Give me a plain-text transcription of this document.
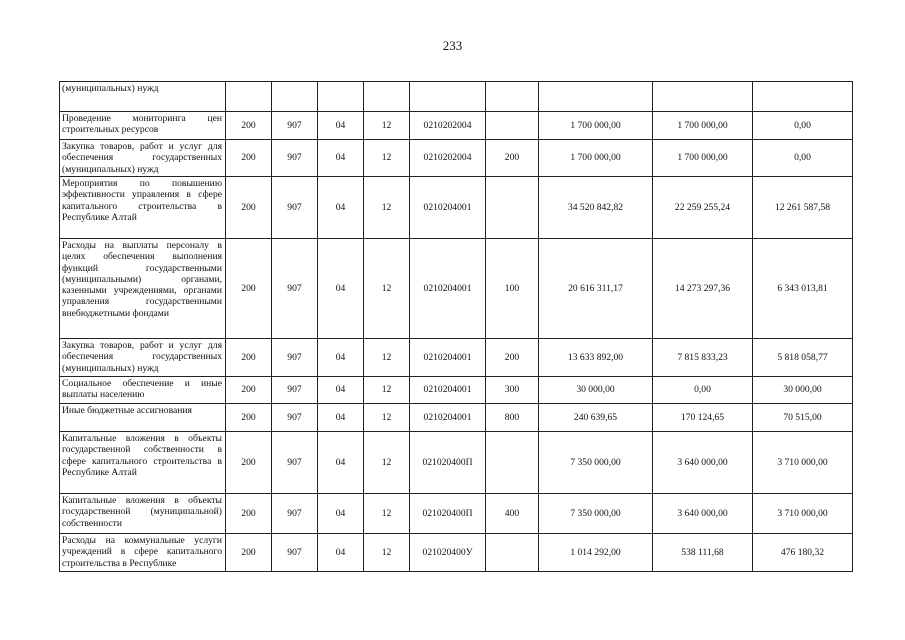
233
(муниципальных) нужд									
Проведение мониторинга цен строительных ресурсов	200	907	04	12	0210202004		1 700 000,00	1 700 000,00	0,00
Закупка товаров, работ и услуг для обеспечения государственных (муниципальных) нужд	200	907	04	12	0210202004	200	1 700 000,00	1 700 000,00	0,00
Мероприятия по повышению эффективности управления в сфере капитального строительства в Республике Алтай	200	907	04	12	0210204001		34 520 842,82	22 259 255,24	12 261 587,58
Расходы на выплаты персоналу в целях обеспечения выполнения функций государственными (муниципальными) органами, казенными учреждениями, органами управления государственными внебюджетными фондами	200	907	04	12	0210204001	100	20 616 311,17	14 273 297,36	6 343 013,81
Закупка товаров, работ и услуг для обеспечения государственных (муниципальных) нужд	200	907	04	12	0210204001	200	13 633 892,00	7 815 833,23	5 818 058,77
Социальное обеспечение и иные выплаты населению	200	907	04	12	0210204001	300	30 000,00	0,00	30 000,00
Иные бюджетные ассигнования	200	907	04	12	0210204001	800	240 639,65	170 124,65	70 515,00
Капитальные вложения в объекты государственной собственности в сфере капитального строительства в Республике Алтай	200	907	04	12	021020400П		7 350 000,00	3 640 000,00	3 710 000,00
Капитальные вложения в объекты государственной (муниципальной) собственности	200	907	04	12	021020400П	400	7 350 000,00	3 640 000,00	3 710 000,00
Расходы на коммунальные услуги учреждений в сфере капитального строительства в Республике	200	907	04	12	021020400У		1 014 292,00	538 111,68	476 180,32
